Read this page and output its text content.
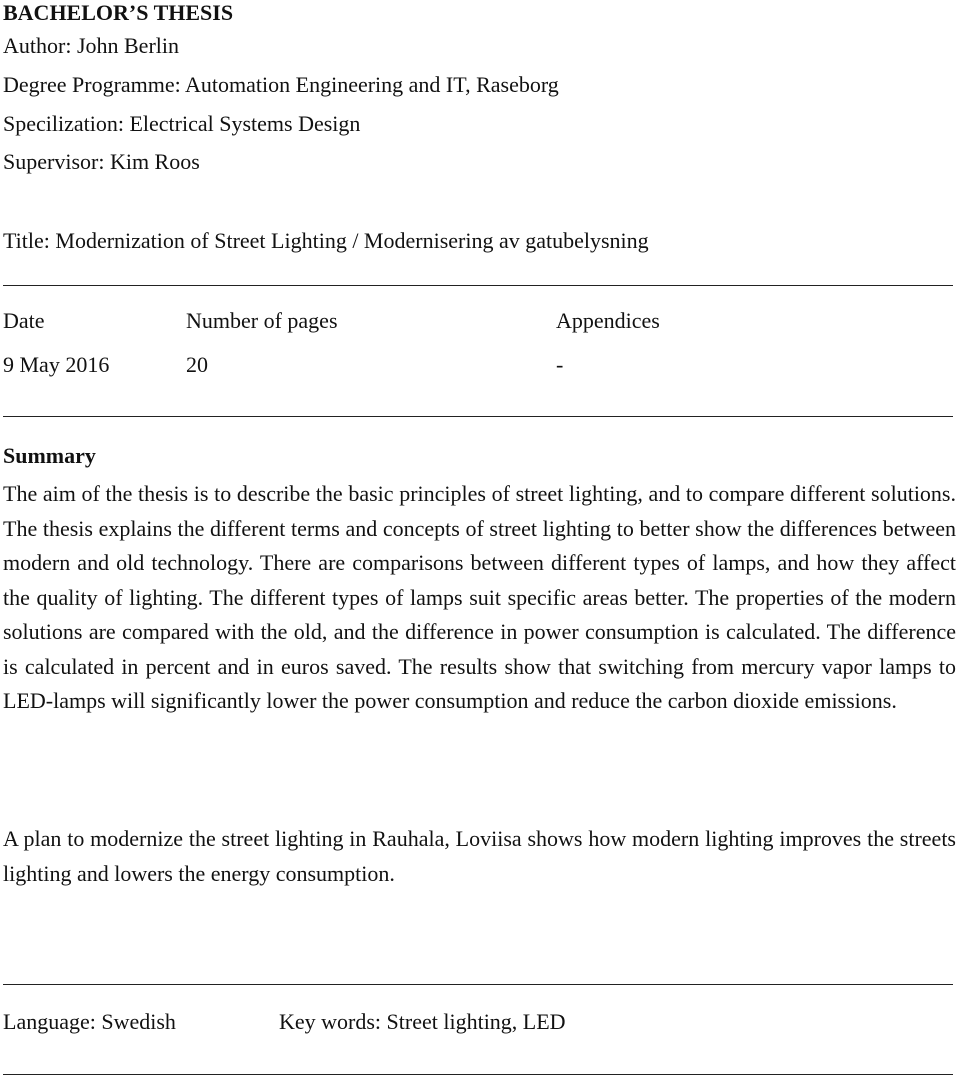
BACHELOR’S THESIS
Author: John Berlin
Degree Programme: Automation Engineering and IT, Raseborg
Specilization: Electrical Systems Design
Supervisor: Kim Roos
Title: Modernization of Street Lighting / Modernisering av gatubelysning
Date	Number of pages	Appendices
9 May 2016	20	-
Summary
The aim of the thesis is to describe the basic principles of street lighting, and to compare different solutions. The thesis explains the different terms and concepts of street lighting to better show the differences between modern and old technology. There are comparisons between different types of lamps, and how they affect the quality of lighting. The different types of lamps suit specific areas better. The properties of the modern solutions are compared with the old, and the difference in power consumption is calculated. The difference is calculated in percent and in euros saved. The results show that switching from mercury vapor lamps to LED-lamps will significantly lower the power consumption and reduce the carbon dioxide emissions.
A plan to modernize the street lighting in Rauhala, Loviisa shows how modern lighting improves the streets lighting and lowers the energy consumption.
Language: Swedish	Key words: Street lighting, LED
